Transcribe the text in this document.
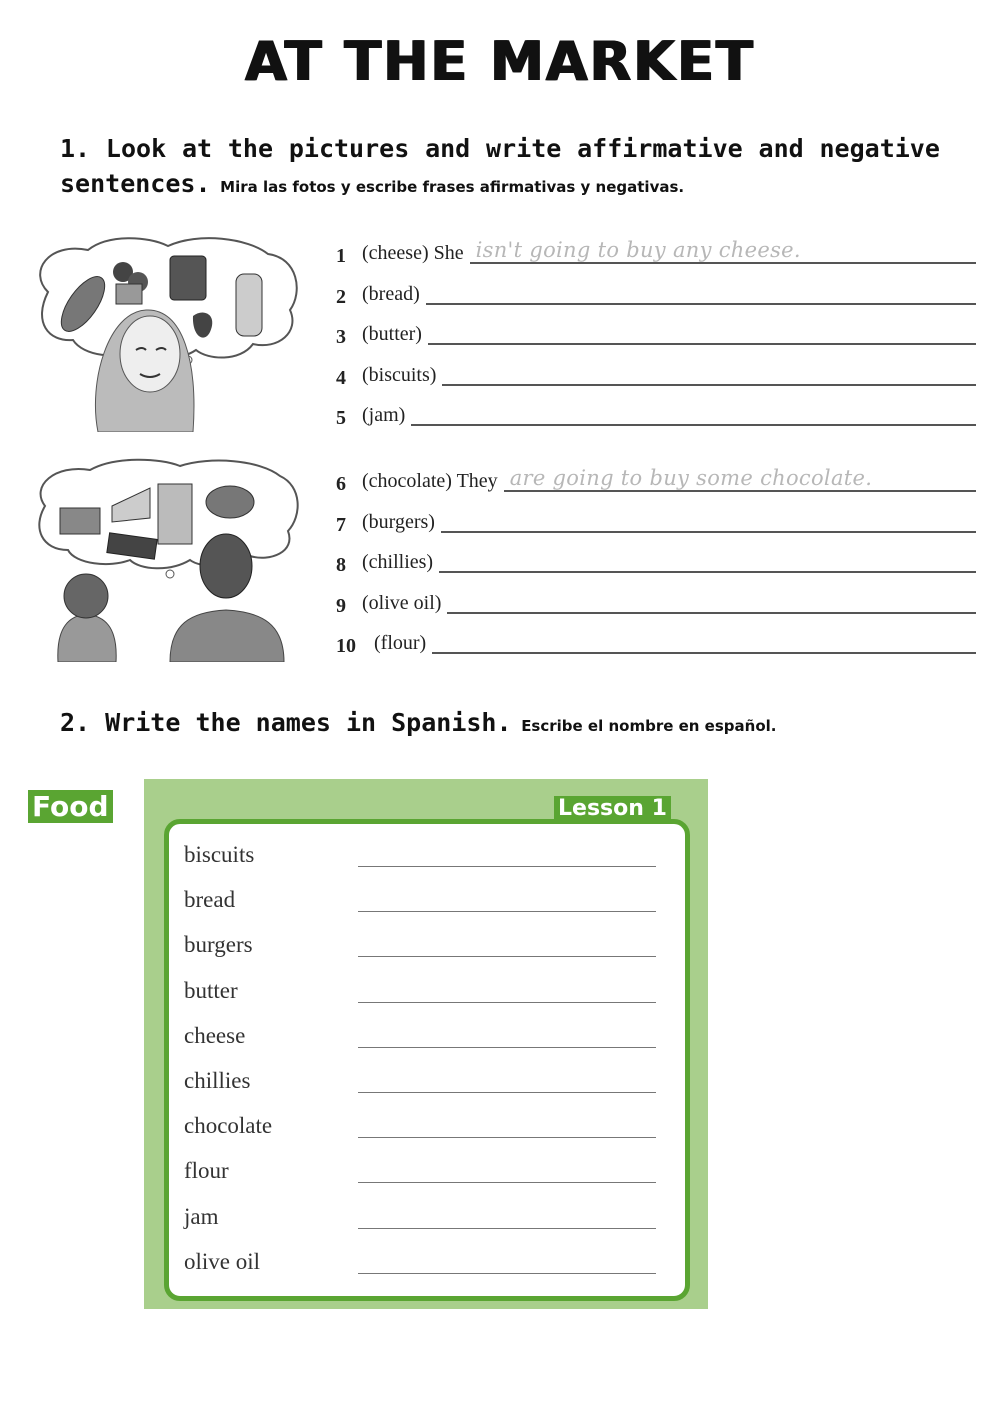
AT THE MARKET
1. Look at the pictures and write affirmative and negative
sentences. Mira las fotos y escribe frases afirmativas y negativas.
1 (cheese) She isn't going to buy any cheese.
2 (bread)
3 (butter)
4 (biscuits)
5 (jam)
6 (chocolate) They are going to buy some chocolate.
7 (burgers)
8 (chillies)
9 (olive oil)
10 (flour)
2. Write the names in Spanish. Escribe el nombre en español.
Food	Lesson 1
biscuits
bread
burgers
butter
cheese
chillies
chocolate
flour
jam
olive oil
